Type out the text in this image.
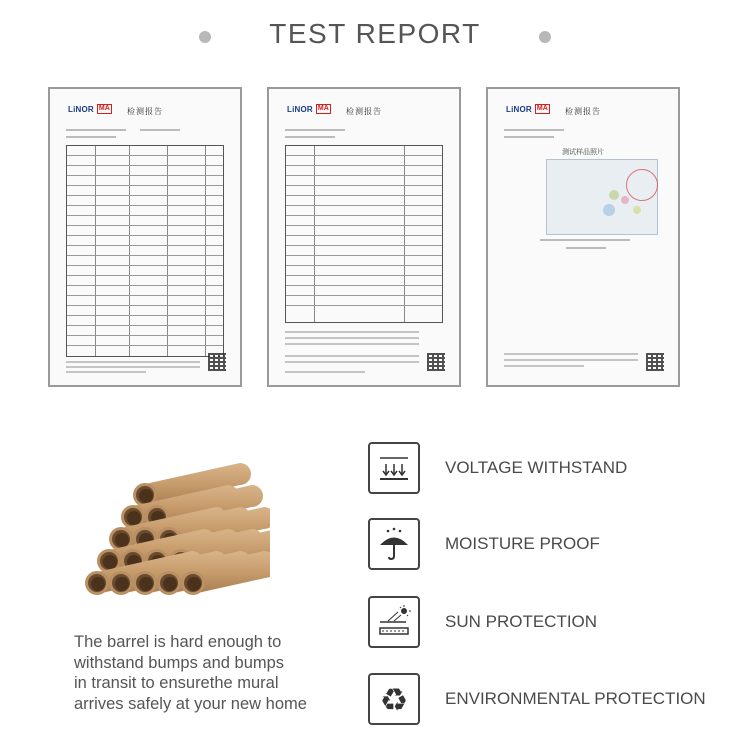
TEST REPORT
LiNOR MA	检测报告	LiNOR MA	检测报告	LiNOR MA	检测报告
测试样品照片
The barrel is hard enough to
withstand bumps and bumps
in transit to ensurethe mural
arrives safely at your new home
VOLTAGE WITHSTAND
MOISTURE PROOF
SUN PROTECTION
♻ ENVIRONMENTAL PROTECTION
